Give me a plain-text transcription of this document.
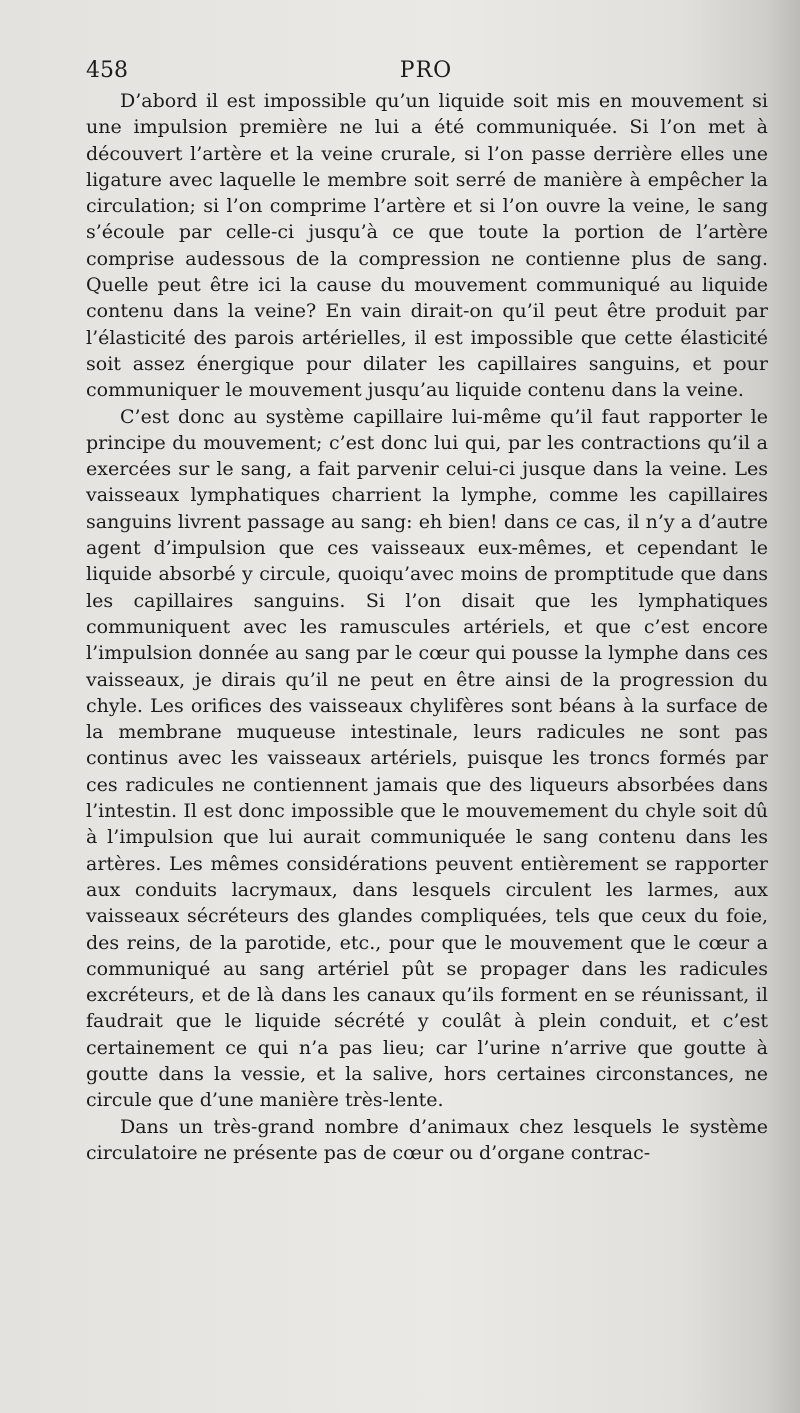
458	PRO

D’abord il est impossible qu’un liquide soit mis en mouvement si une impulsion première ne lui a été communiquée. Si l’on met à découvert l’artère et la veine crurale, si l’on passe derrière elles une ligature avec laquelle le membre soit serré de manière à empêcher la circulation; si l’on comprime l’artère et si l’on ouvre la veine, le sang s’écoule par celle-ci jusqu’à ce que toute la portion de l’artère comprise audessous de la compression ne contienne plus de sang. Quelle peut être ici la cause du mouvement communiqué au liquide contenu dans la veine? En vain dirait-on qu’il peut être produit par l’élasticité des parois artérielles, il est impossible que cette élasticité soit assez énergique pour dilater les capillaires sanguins, et pour communiquer le mouvement jusqu’au liquide contenu dans la veine.

C’est donc au système capillaire lui-même qu’il faut rapporter le principe du mouvement; c’est donc lui qui, par les contractions qu’il a exercées sur le sang, a fait parvenir celui-ci jusque dans la veine. Les vaisseaux lymphatiques charrient la lymphe, comme les capillaires sanguins livrent passage au sang: eh bien! dans ce cas, il n’y a d’autre agent d’impulsion que ces vaisseaux eux-mêmes, et cependant le liquide absorbé y circule, quoiqu’avec moins de promptitude que dans les capillaires sanguins. Si l’on disait que les lymphatiques communiquent avec les ramuscules artériels, et que c’est encore l’impulsion donnée au sang par le cœur qui pousse la lymphe dans ces vaisseaux, je dirais qu’il ne peut en être ainsi de la progression du chyle. Les orifices des vaisseaux chylifères sont béans à la surface de la membrane muqueuse intestinale, leurs radicules ne sont pas continus avec les vaisseaux artériels, puisque les troncs formés par ces radicules ne contiennent jamais que des liqueurs absorbées dans l’intestin. Il est donc impossible que le mouvemement du chyle soit dû à l’impulsion que lui aurait communiquée le sang contenu dans les artères. Les mêmes considérations peuvent entièrement se rapporter aux conduits lacrymaux, dans lesquels circulent les larmes, aux vaisseaux sécréteurs des glandes compliquées, tels que ceux du foie, des reins, de la parotide, etc., pour que le mouvement que le cœur a communiqué au sang artériel pût se propager dans les radicules excréteurs, et de là dans les canaux qu’ils forment en se réunissant, il faudrait que le liquide sécrété y coulât à plein conduit, et c’est certainement ce qui n’a pas lieu; car l’urine n’arrive que goutte à goutte dans la vessie, et la salive, hors certaines circonstances, ne circule que d’une manière très-lente.

Dans un très-grand nombre d’animaux chez lesquels le système circulatoire ne présente pas de cœur ou d’organe contrac-
